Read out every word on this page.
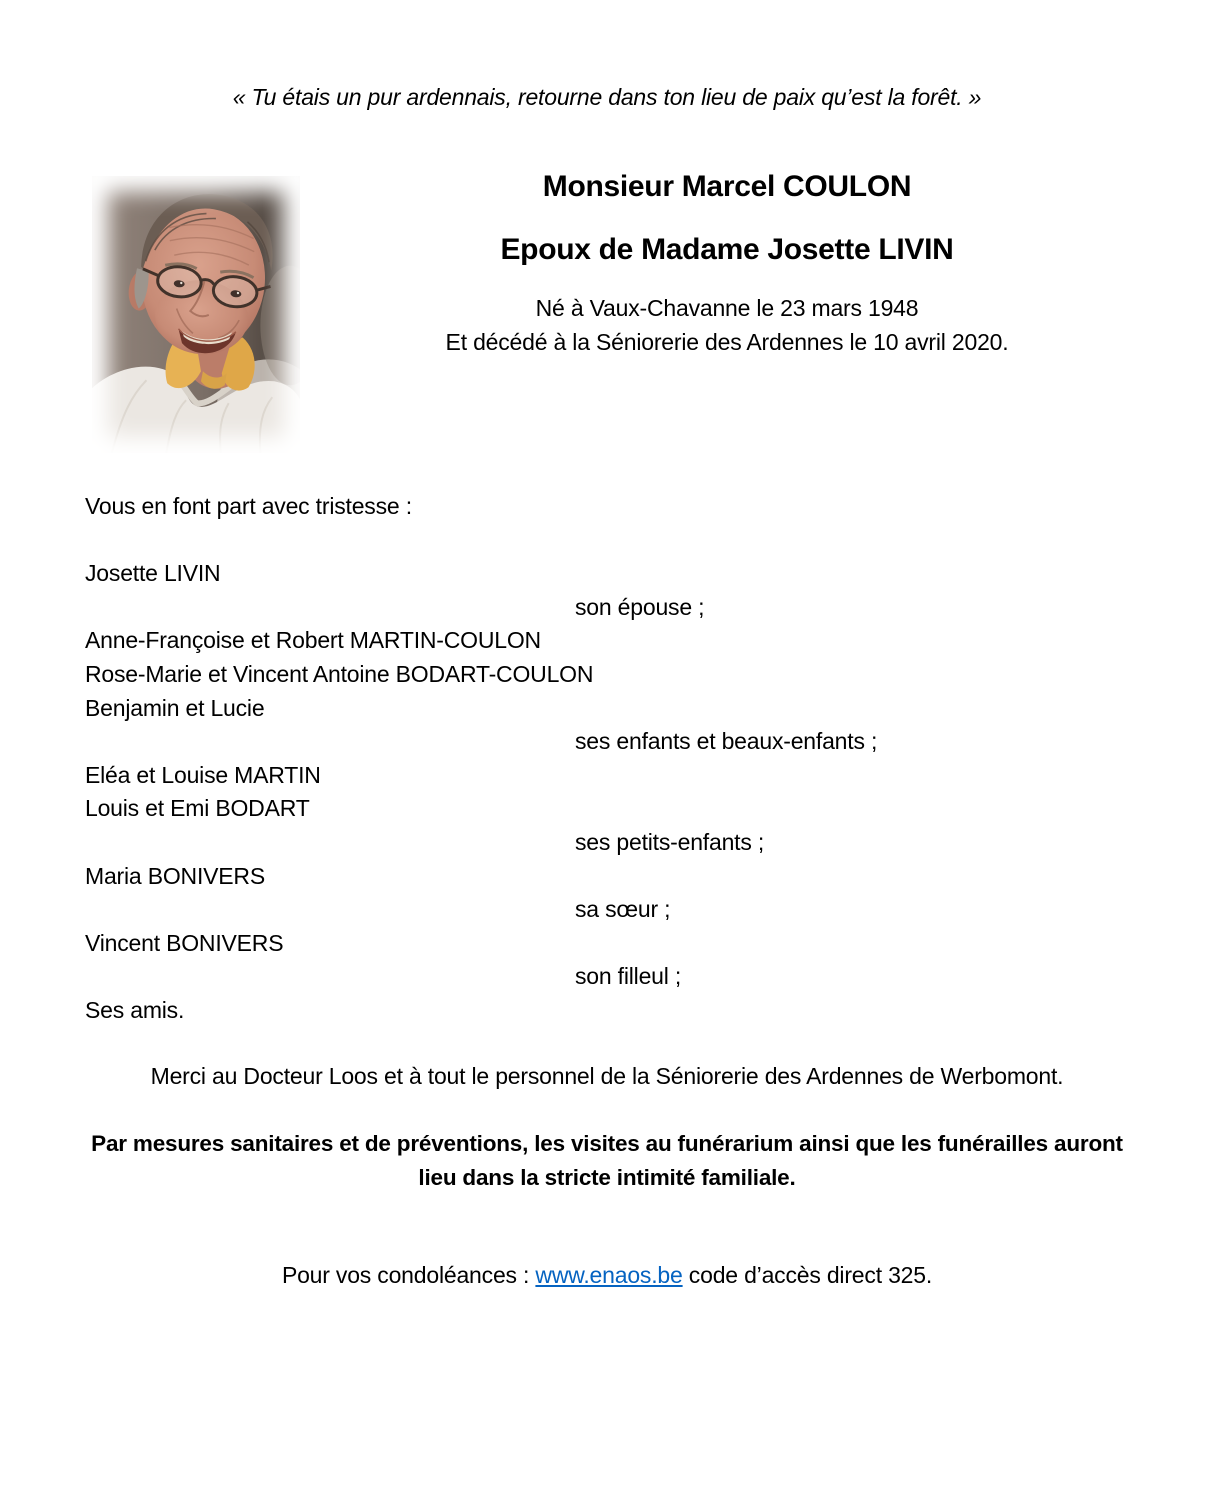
« Tu étais un pur ardennais, retourne dans ton lieu de paix qu’est la forêt. »
Monsieur Marcel COULON
Epoux de Madame Josette LIVIN
Né à Vaux-Chavanne le 23 mars 1948
Et décédé à la Séniorerie des Ardennes le 10 avril 2020.
Vous en font part avec tristesse :
Josette LIVIN
son épouse ;
Anne-Françoise et Robert MARTIN-COULON
Rose-Marie et Vincent Antoine BODART-COULON
Benjamin et Lucie
ses enfants et beaux-enfants ;
Eléa et Louise MARTIN
Louis et Emi BODART
ses petits-enfants ;
Maria BONIVERS
sa sœur ;
Vincent BONIVERS
son filleul ;
Ses amis.
Merci au Docteur Loos et à tout le personnel de la Séniorerie des Ardennes de Werbomont.
Par mesures sanitaires et de préventions, les visites au funérarium ainsi que les funérailles auront
lieu dans la stricte intimité familiale.
Pour vos condoléances : www.enaos.be code d’accès direct 325.
